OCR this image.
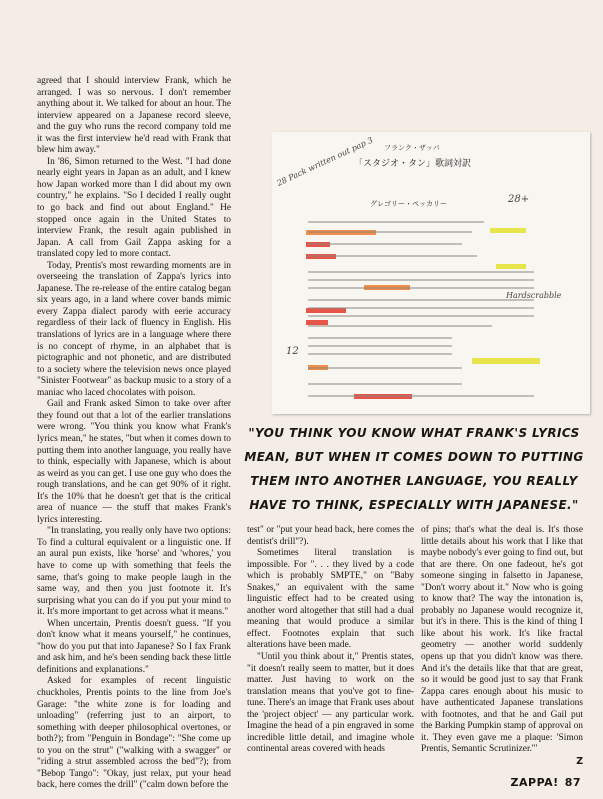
agreed that I should interview Frank, which he arranged. I was so nervous. I don't remember anything about it. We talked for about an hour. The interview appeared on a Japanese record sleeve, and the guy who runs the record company told me it was the first interview he'd read with Frank that blew him away."

In '86, Simon returned to the West. "I had done nearly eight years in Japan as an adult, and I knew how Japan worked more than I did about my own country," he explains. "So I decided I really ought to go back and find out about England." He stopped once again in the United States to interview Frank, the result again published in Japan. A call from Gail Zappa asking for a translated copy led to more contact.

Today, Prentis's most rewarding moments are in overseeing the translation of Zappa's lyrics into Japanese. The re-release of the entire catalog began six years ago, in a land where cover bands mimic every Zappa dialect parody with eerie accuracy regardless of their lack of fluency in English. His translations of lyrics are in a language where there is no concept of rhyme, in an alphabet that is pictographic and not phonetic, and are distributed to a society where the television news once played "Sinister Footwear" as backup music to a story of a maniac who laced chocolates with poison.

Gail and Frank asked Simon to take over after they found out that a lot of the earlier translations were wrong. "You think you know what Frank's lyrics mean," he states, "but when it comes down to putting them into another language, you really have to think, especially with Japanese, which is about as weird as you can get. I use one guy who does the rough translations, and he can get 90% of it right. It's the 10% that he doesn't get that is the critical area of nuance — the stuff that makes Frank's lyrics interesting.

"In translating, you really only have two options: To find a cultural equivalent or a linguistic one. If an aural pun exists, like 'horse' and 'whores,' you have to come up with something that feels the same, that's going to make people laugh in the same way, and then you just footnote it. It's surprising what you can do if you put your mind to it. It's more important to get across what it means."

When uncertain, Prentis doesn't guess. "If you don't know what it means yourself," he continues, "how do you put that into Japanese? So I fax Frank and ask him, and he's been sending back these little definitions and explanations."

Asked for examples of recent linguistic chuckholes, Prentis points to the line from Joe's Garage: "the white zone is for loading and unloading" (referring just to an airport, to something with deeper philosophical overtones, or both?); from "Penguin in Bondage": "She come up to you on the strut" ("walking with a swagger" or "riding a strut assembled across the bed"?); from "Bebop Tango": "Okay, just relax, put your head back, here comes the drill" ("calm down before the

フランク・ザッパ
「スタジオ・タン」歌詞対訳
グレゴリー・ペッカリー
28 Pack written out pap 3
28+
Hardscrabble
12
"YOU THINK YOU KNOW WHAT FRANK'S LYRICS MEAN, BUT WHEN IT COMES DOWN TO PUTTING THEM INTO ANOTHER LANGUAGE, YOU REALLY HAVE TO THINK, ESPECIALLY WITH JAPANESE."

test" or "put your head back, here comes the dentist's drill"?).

Sometimes literal translation is impossible. For ". . . they lived by a code which is probably SMPTE," on "Baby Snakes," an equivalent with the same linguistic effect had to be created using another word altogether that still had a dual meaning that would produce a similar effect. Footnotes explain that such alterations have been made.

"Until you think about it," Prentis states, "it doesn't really seem to matter, but it does matter. Just having to work on the translation means that you've got to fine-tune. There's an image that Frank uses about the 'project object' — any particular work. Imagine the head of a pin engraved in some incredible little detail, and imagine whole continental areas covered with heads

of pins; that's what the deal is. It's those little details about his work that I like that maybe nobody's ever going to find out, but that are there. On one fadeout, he's got someone singing in falsetto in Japanese, "Don't worry about it." Now who is going to know that? The way the intonation is, probably no Japanese would recognize it, but it's in there. This is the kind of thing I like about his work. It's like fractal geometry — another world suddenly opens up that you didn't know was there. And it's the details like that that are great, so it would be good just to say that Frank Zappa cares enough about his music to have authenticated Japanese translations with footnotes, and that he and Gail put the Barking Pumpkin stamp of approval on it. They even gave me a plaque: 'Simon Prentis, Semantic Scrutinizer.'"

Z

ZAPPA! 87
